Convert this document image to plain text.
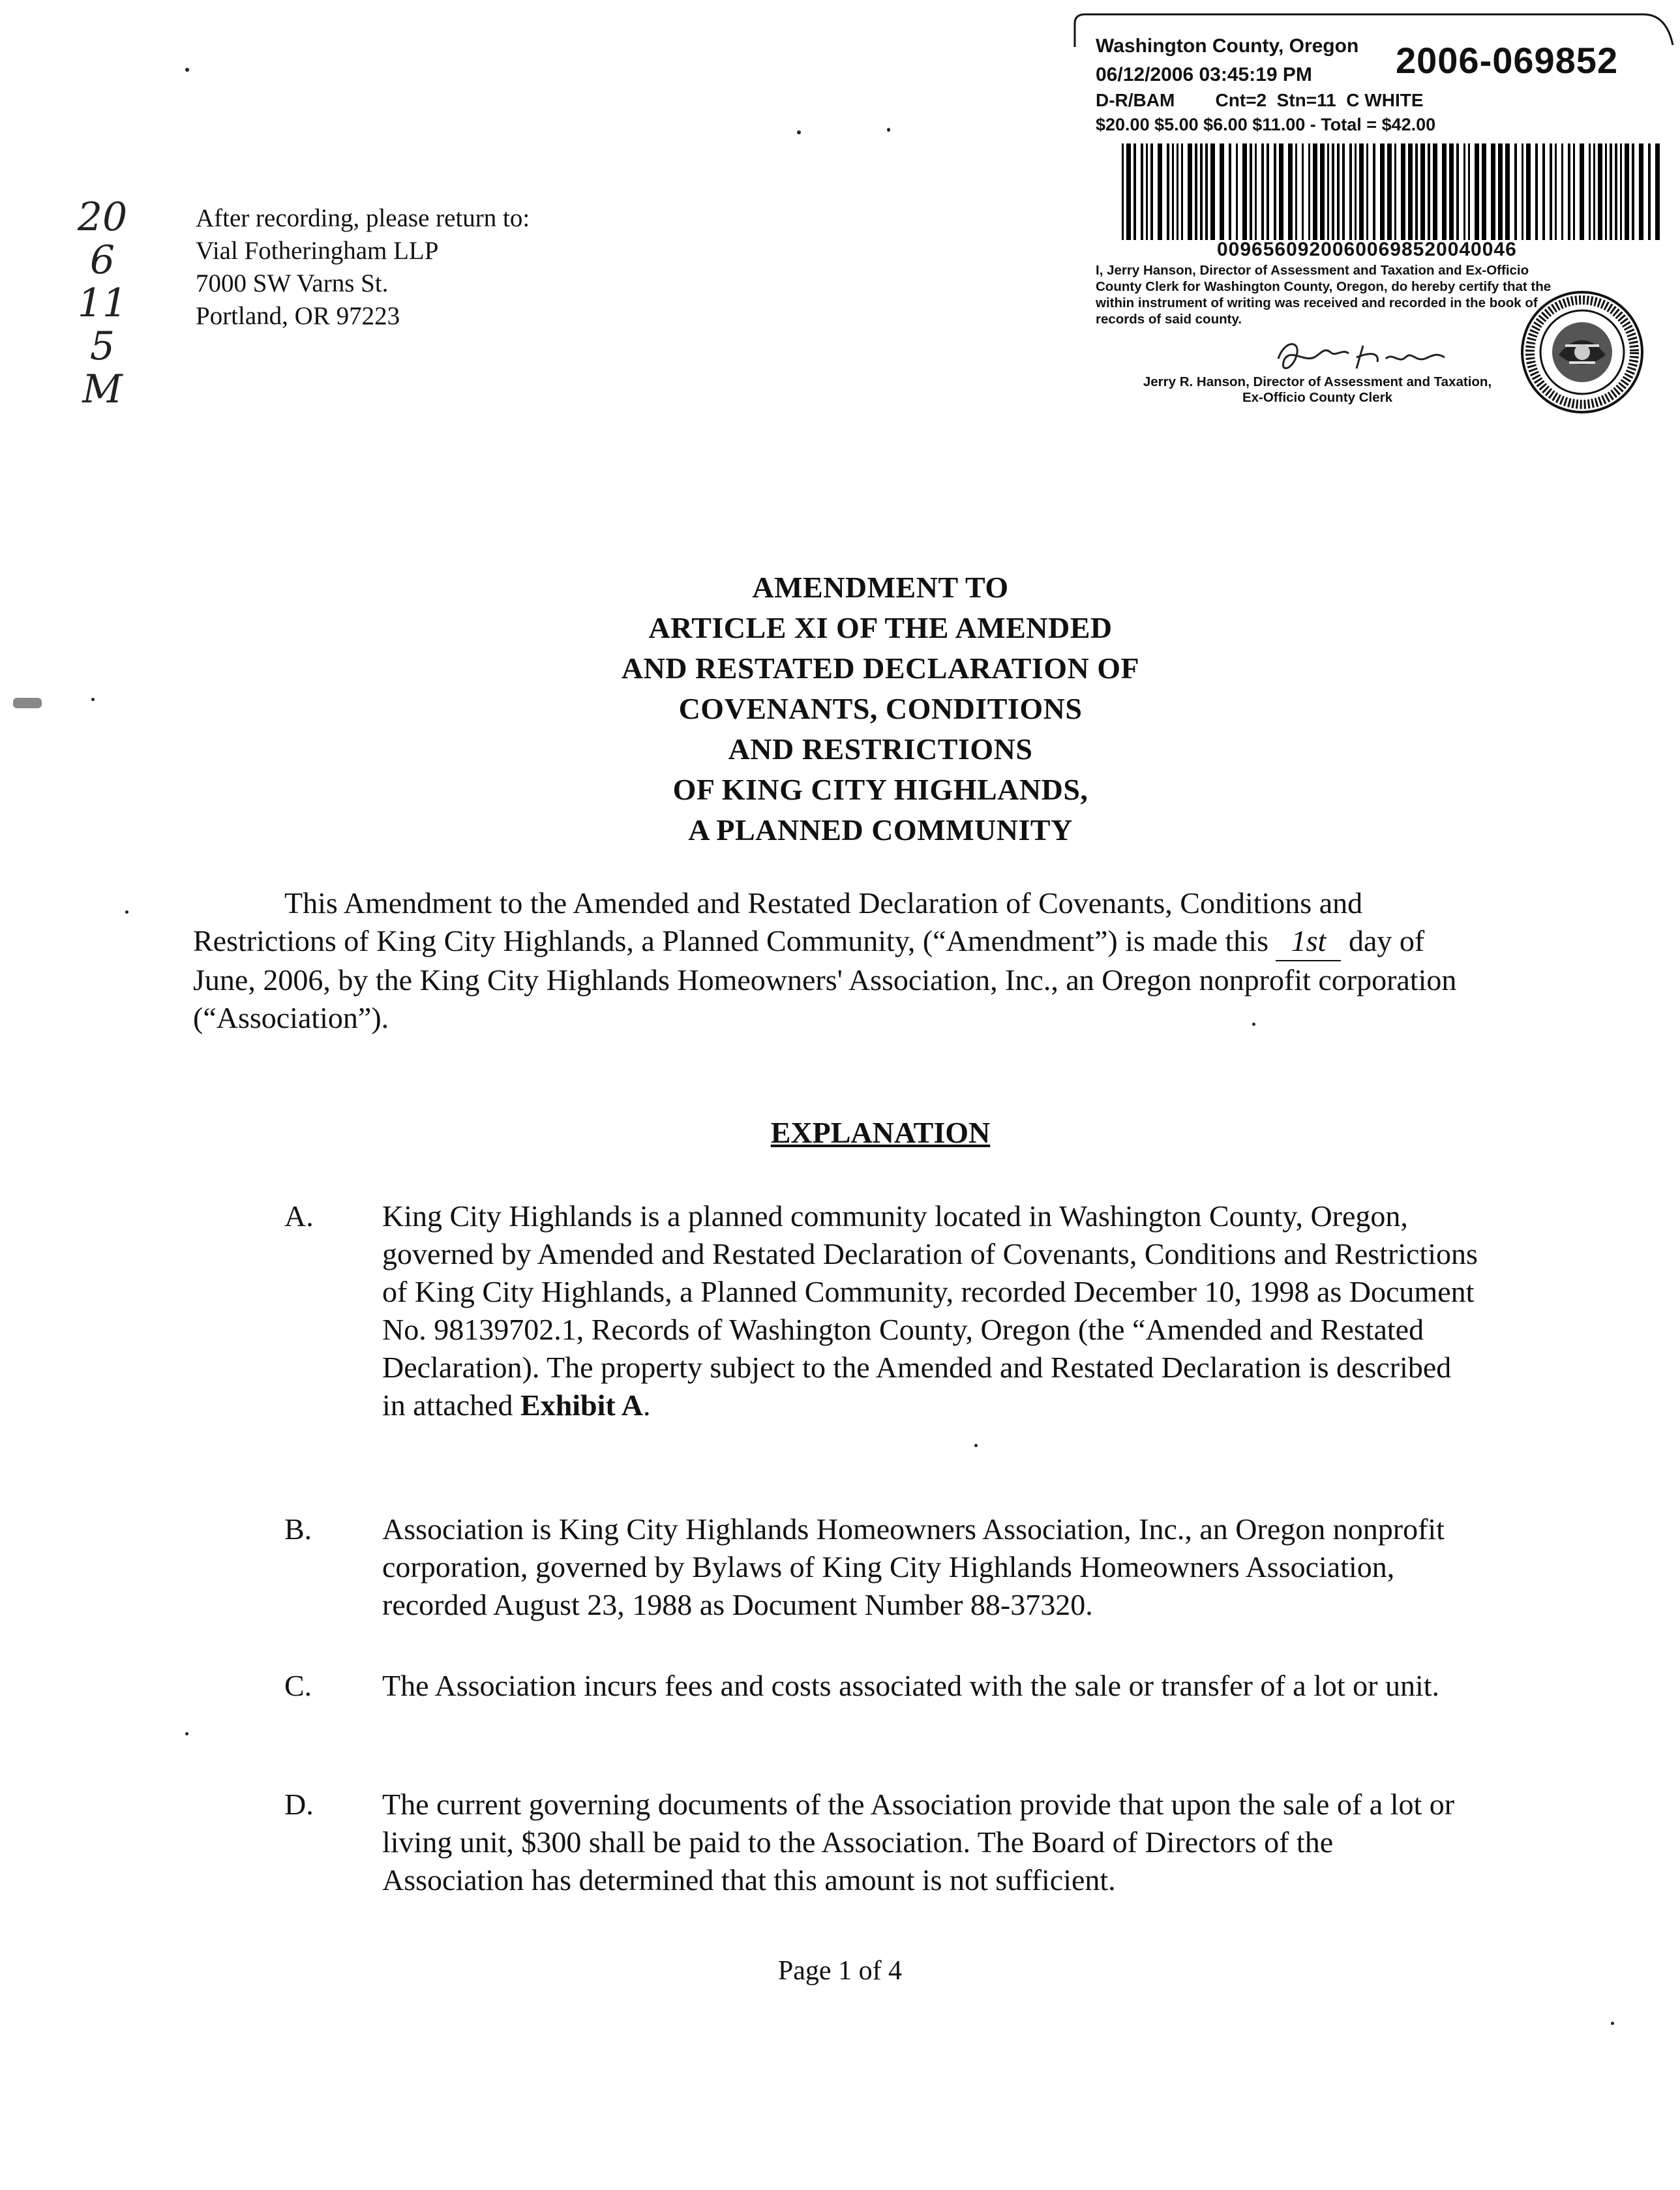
Washington County, Oregon 2006-069852
06/12/2006 03:45:19 PM
D-R/BAM        Cnt=2  Stn=11  C WHITE
$20.00 $5.00 $6.00 $11.00 - Total = $42.00
00965609200600698520040046
I, Jerry Hanson, Director of Assessment and Taxation and Ex-Officio County Clerk for Washington County, Oregon, do hereby certify that the within instrument of writing was received and recorded in the book of records of said county.
Jerry R. Hanson, Director of Assessment and Taxation,
Ex-Officio County Clerk
20
6
11
5
M
After recording, please return to:
Vial Fotheringham LLP
7000 SW Varns St.
Portland, OR 97223
AMENDMENT TO
ARTICLE XI OF THE AMENDED
AND RESTATED DECLARATION OF
COVENANTS, CONDITIONS
AND RESTRICTIONS
OF KING CITY HIGHLANDS,
A PLANNED COMMUNITY
This Amendment to the Amended and Restated Declaration of Covenants, Conditions and Restrictions of King City Highlands, a Planned Community, (“Amendment”) is made this 1st day of June, 2006, by the King City Highlands Homeowners' Association, Inc., an Oregon nonprofit corporation (“Association”).
EXPLANATION
A.	King City Highlands is a planned community located in Washington County, Oregon, governed by Amended and Restated Declaration of Covenants, Conditions and Restrictions of King City Highlands, a Planned Community, recorded December 10, 1998 as Document No. 98139702.1, Records of Washington County, Oregon (the “Amended and Restated Declaration). The property subject to the Amended and Restated Declaration is described in attached Exhibit A.
B.	Association is King City Highlands Homeowners Association, Inc., an Oregon nonprofit corporation, governed by Bylaws of King City Highlands Homeowners Association, recorded August 23, 1988 as Document Number 88-37320.
C.	The Association incurs fees and costs associated with the sale or transfer of a lot or unit.
D.	The current governing documents of the Association provide that upon the sale of a lot or living unit, $300 shall be paid to the Association. The Board of Directors of the Association has determined that this amount is not sufficient.
Page 1 of 4
